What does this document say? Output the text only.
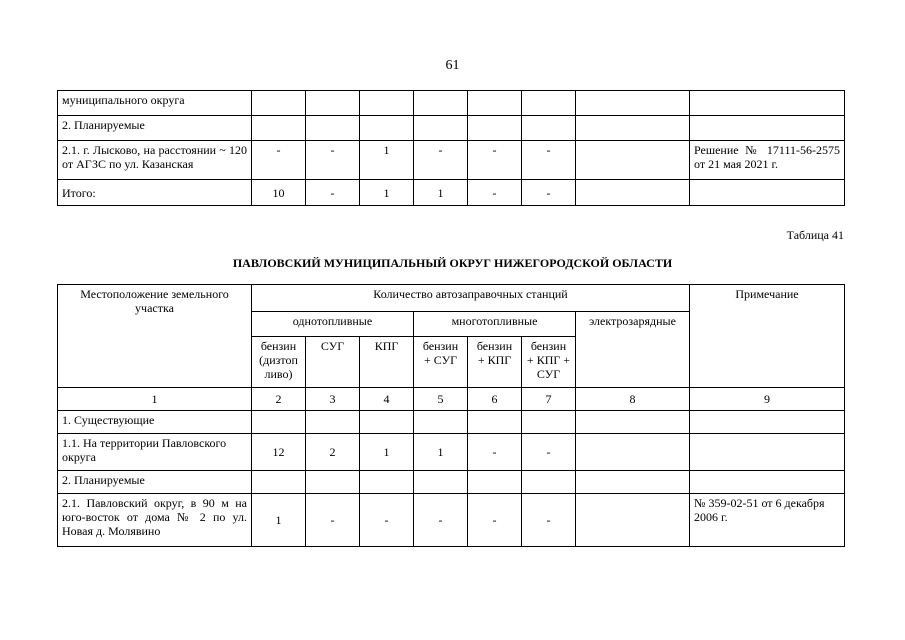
61
муниципального округа								
2. Планируемые								
2.1. г. Лысково, на расстоянии ~ 120 от АГЗС по ул. Казанская	-	-	1	-	-	-		Решение № 17111-56-2575 от 21 мая 2021 г.
Итого:	10	-	1	1	-	-		
Таблица 41
ПАВЛОВСКИЙ МУНИЦИПАЛЬНЫЙ ОКРУГ НИЖЕГОРОДСКОЙ ОБЛАСТИ
Местоположение земельного участка	Количество автозаправочных станций							Примечание
	однотопливные			многотопливные			электрозарядные	
	бензин (дизтоп ливо)	СУГ	КПГ	бензин + СУГ	бензин + КПГ	бензин + КПГ + СУГ		
1	2	3	4	5	6	7	8	9
1. Существующие								
1.1. На территории Павловского округа	12	2	1	1	-	-		
2. Планируемые								
2.1. Павловский округ, в 90 м на юго-восток от дома № 2 по ул. Новая д. Молявино	1	-	-	-	-	-		№ 359-02-51 от 6 декабря 2006 г.
